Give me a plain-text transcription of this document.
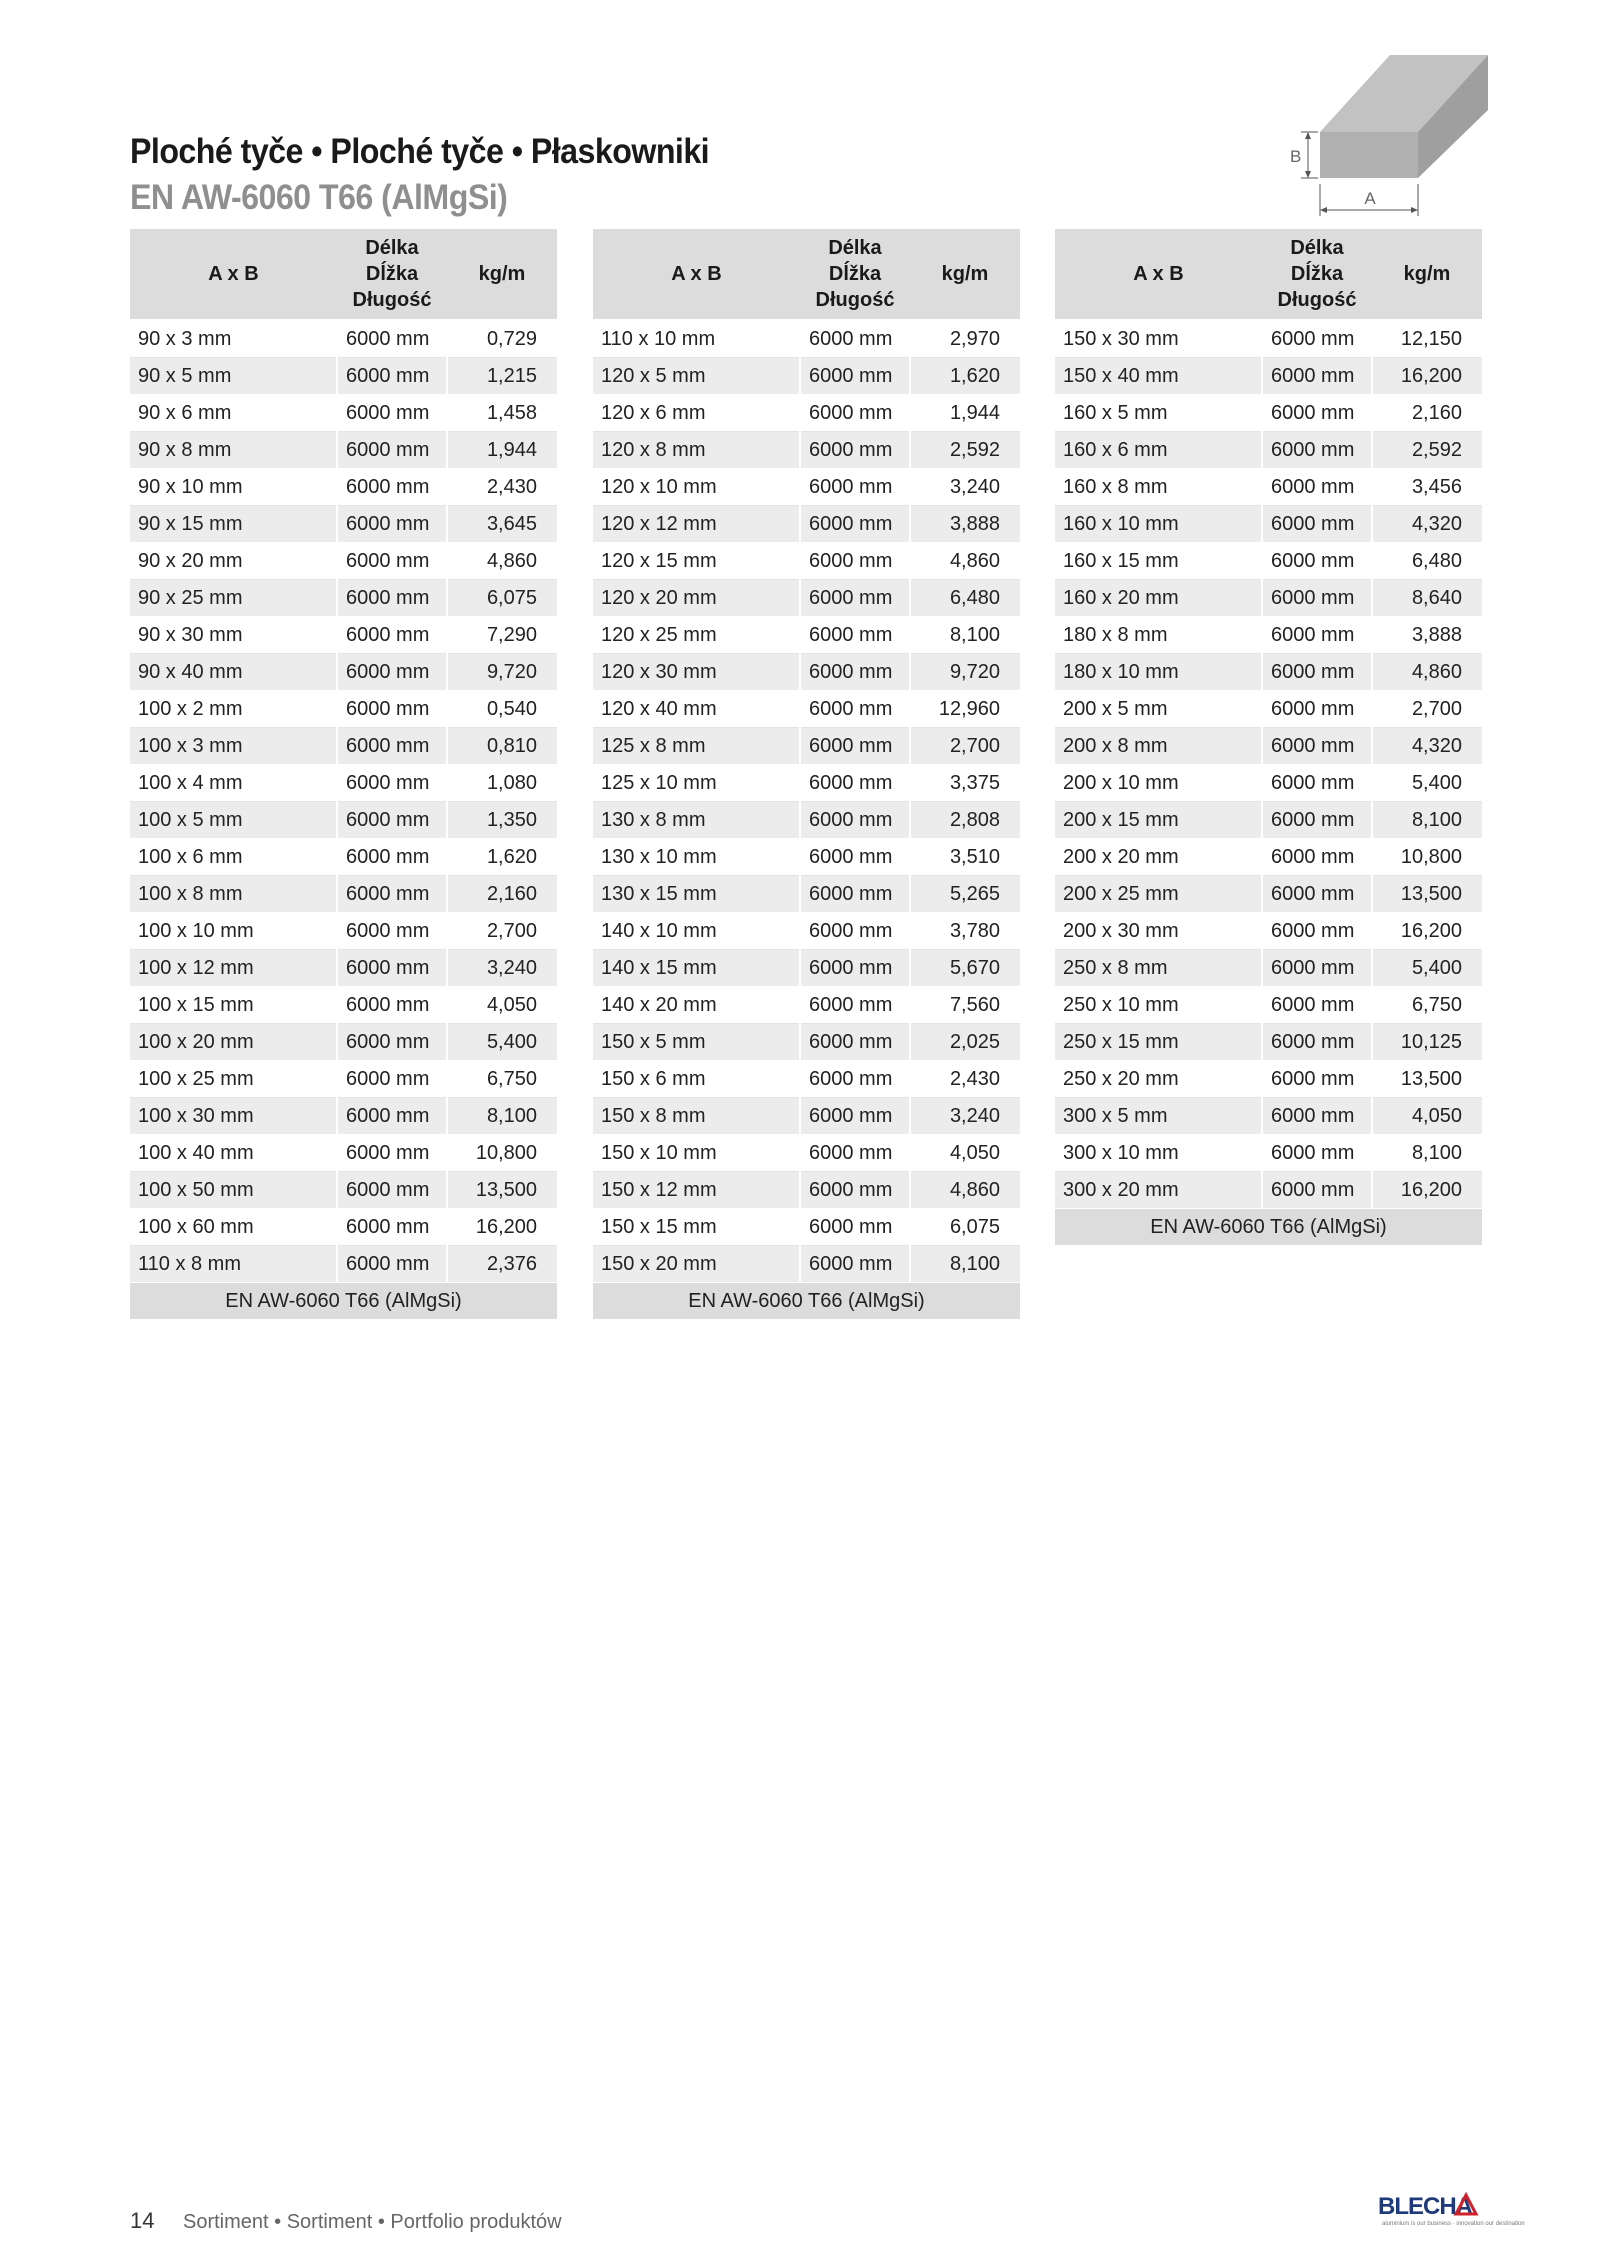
Ploché tyče • Ploché tyče • Płaskowniki
EN AW-6060 T66 (AlMgSi)
B
A
A x B	Délka
Dĺžka
Długość	kg/m

90 x 3 mm	6000 mm	0,729
90 x 5 mm	6000 mm	1,215
90 x 6 mm	6000 mm	1,458
90 x 8 mm	6000 mm	1,944
90 x 10 mm	6000 mm	2,430
90 x 15 mm	6000 mm	3,645
90 x 20 mm	6000 mm	4,860
90 x 25 mm	6000 mm	6,075
90 x 30 mm	6000 mm	7,290
90 x 40 mm	6000 mm	9,720
100 x 2 mm	6000 mm	0,540
100 x 3 mm	6000 mm	0,810
100 x 4 mm	6000 mm	1,080
100 x 5 mm	6000 mm	1,350
100 x 6 mm	6000 mm	1,620
100 x 8 mm	6000 mm	2,160
100 x 10 mm	6000 mm	2,700
100 x 12 mm	6000 mm	3,240
100 x 15 mm	6000 mm	4,050
100 x 20 mm	6000 mm	5,400
100 x 25 mm	6000 mm	6,750
100 x 30 mm	6000 mm	8,100
100 x 40 mm	6000 mm	10,800
100 x 50 mm	6000 mm	13,500
100 x 60 mm	6000 mm	16,200
110 x 8 mm	6000 mm	2,376
EN AW-6060 T66 (AlMgSi)		
A x B	Délka
Dĺžka
Długość	kg/m

110 x 10 mm	6000 mm	2,970
120 x 5 mm	6000 mm	1,620
120 x 6 mm	6000 mm	1,944
120 x 8 mm	6000 mm	2,592
120 x 10 mm	6000 mm	3,240
120 x 12 mm	6000 mm	3,888
120 x 15 mm	6000 mm	4,860
120 x 20 mm	6000 mm	6,480
120 x 25 mm	6000 mm	8,100
120 x 30 mm	6000 mm	9,720
120 x 40 mm	6000 mm	12,960
125 x 8 mm	6000 mm	2,700
125 x 10 mm	6000 mm	3,375
130 x 8 mm	6000 mm	2,808
130 x 10 mm	6000 mm	3,510
130 x 15 mm	6000 mm	5,265
140 x 10 mm	6000 mm	3,780
140 x 15 mm	6000 mm	5,670
140 x 20 mm	6000 mm	7,560
150 x 5 mm	6000 mm	2,025
150 x 6 mm	6000 mm	2,430
150 x 8 mm	6000 mm	3,240
150 x 10 mm	6000 mm	4,050
150 x 12 mm	6000 mm	4,860
150 x 15 mm	6000 mm	6,075
150 x 20 mm	6000 mm	8,100
EN AW-6060 T66 (AlMgSi)		
A x B	Délka
Dĺžka
Długość	kg/m

150 x 30 mm	6000 mm	12,150
150 x 40 mm	6000 mm	16,200
160 x 5 mm	6000 mm	2,160
160 x 6 mm	6000 mm	2,592
160 x 8 mm	6000 mm	3,456
160 x 10 mm	6000 mm	4,320
160 x 15 mm	6000 mm	6,480
160 x 20 mm	6000 mm	8,640
180 x 8 mm	6000 mm	3,888
180 x 10 mm	6000 mm	4,860
200 x 5 mm	6000 mm	2,700
200 x 8 mm	6000 mm	4,320
200 x 10 mm	6000 mm	5,400
200 x 15 mm	6000 mm	8,100
200 x 20 mm	6000 mm	10,800
200 x 25 mm	6000 mm	13,500
200 x 30 mm	6000 mm	16,200
250 x 8 mm	6000 mm	5,400
250 x 10 mm	6000 mm	6,750
250 x 15 mm	6000 mm	10,125
250 x 20 mm	6000 mm	13,500
300 x 5 mm	6000 mm	4,050
300 x 10 mm	6000 mm	8,100
300 x 20 mm	6000 mm	16,200
EN AW-6060 T66 (AlMgSi)		
14 Sortiment • Sortiment • Portfolio produktów
BLECHA
aluminium is our business · innovation our destination
